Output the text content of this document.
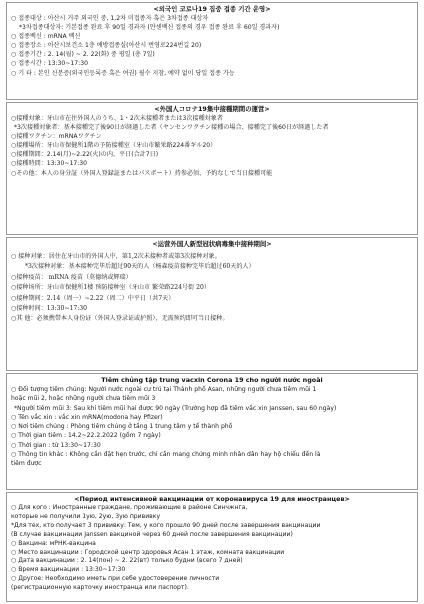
<외국인 코로나19 집중 접종 기간 운영>
○ 접종대상 : 아산시 거주 외국인 중, 1,2차 미접종자 혹은 3차접종 대상자
*3차접종대상자: 기본접종 완료 후 90일 경과자 (얀센백신 접종의 경우 접종 완료 후 60일 경과자)
○ 접종백신 : mRNA 백신
○ 접종장소 : 아산시보건소 1층 예방접종실(아산시 번영로224번길 20)
○ 접종기간 : 2. 14(월) ~ 2. 22(화) 중 평일 (총 7일)
○ 접종시간 : 13:30~17:30
○ 기 타 : 본인 신분증(외국인등록증 혹은 여권) 필수 지참, 예약 없이 당일 접종 가능
<外国人コロナ19集中接種期間の運営>
○接種対象：牙山市在住外国人のうち、1・2次未接種者または3次接種対象者
*3次接種対象者：基本接種完了後90日が経過した者（ヤンセンワクチン接種の場合、接種完了後60日が経過した者
○接種ワクチン：mRNAワクチン
○接種場所：牙山市保健所1階の予防接種室（牙山市繁栄路224番ギル20）
○接種期間：2.14(月)~2.22(火)の内、平日(合計7日)
○接種時間：13:30~17:30
○その他：本人の身分証（外国人登録証またはパスポート）持参必須、予約なしで当日接種可能
<运营外国人新型冠状病毒集中接种期间>
○ 接种对象：居住在牙山市的外国人中，第1,2次未接种者或第3次接种对象。
*3次接种对象：基本接种完毕后超过90天的人（杨森疫苗接种完毕后超过60天的人）
○接种疫苗： mRNA 疫苗（莫德纳或辉瑞）
○接种场所：牙山市保健所1楼 预防接种室（牙山市 繁荣路224号街 20）
○接种期间：2.14（周一）~2.22（周二）中平日（共7天）
○接种时间：13:30~17:30
○其 他：必须携带本人身份证（外国人登录证或护照），无需预约即可当日接种。
Tiêm chủng tập trung vacxin Corona 19 cho người nước ngoài
○ Đối tượng tiêm chủng: Người nước ngoài cư trú tại Thành phố Asan, những người chưa tiêm mũi 1
hoặc mũi 2, hoặc những người chưa tiêm mũi 3
*Người tiêm mũi 3: Sau khi tiêm mũi hai được 90 ngày (Trường hợp đã tiêm vắc xin Janssen, sau 60 ngày)
○ Tên vắc xin : vắc xin mRNA(modona hay Pfizer)
○ Nơi tiêm chủng : Phòng tiêm chủng ở tầng 1 trung tâm y tế thành phố
○ Thời gian tiêm : 14.2~22.2.2022 (gồm 7 ngày)
○ Thời gian : từ 13:30~17:30
○ Thông tin khác : Không cần đặt hẹn trước, chỉ cần mang chứng minh nhân dân hay hộ chiếu đến là
tiêm được
<Период интенсивной вакцинации от коронавируса 19 для иностранцев>
○ Для кого : Иностранные граждане, проживающие в районе Синчжнга,
которые не получили 1ую, 2ую, 3ую прививку
*Для тех, кто получает 3 прививку: Тем, у кого прошло 90 дней после завершения вакцинации
(В случае вакцинации Janssen вакциной через 60 дней после завершения вакцинации)
○ Вакцина: мРНК-вакцина
○ Место вакцинации : Городской центр здоровья Асан 1 этаж, комната вакцинации
○ Дата вакцинации : 2. 14(пон) ~ 2. 22(вт) только будни (всего 7 дней)
○ Время вакцинации : 13:30~17:30
○ Другое: Необходимо иметь при себе удостоверение личности
(регистрационную карточку иностранца или паспорт).
